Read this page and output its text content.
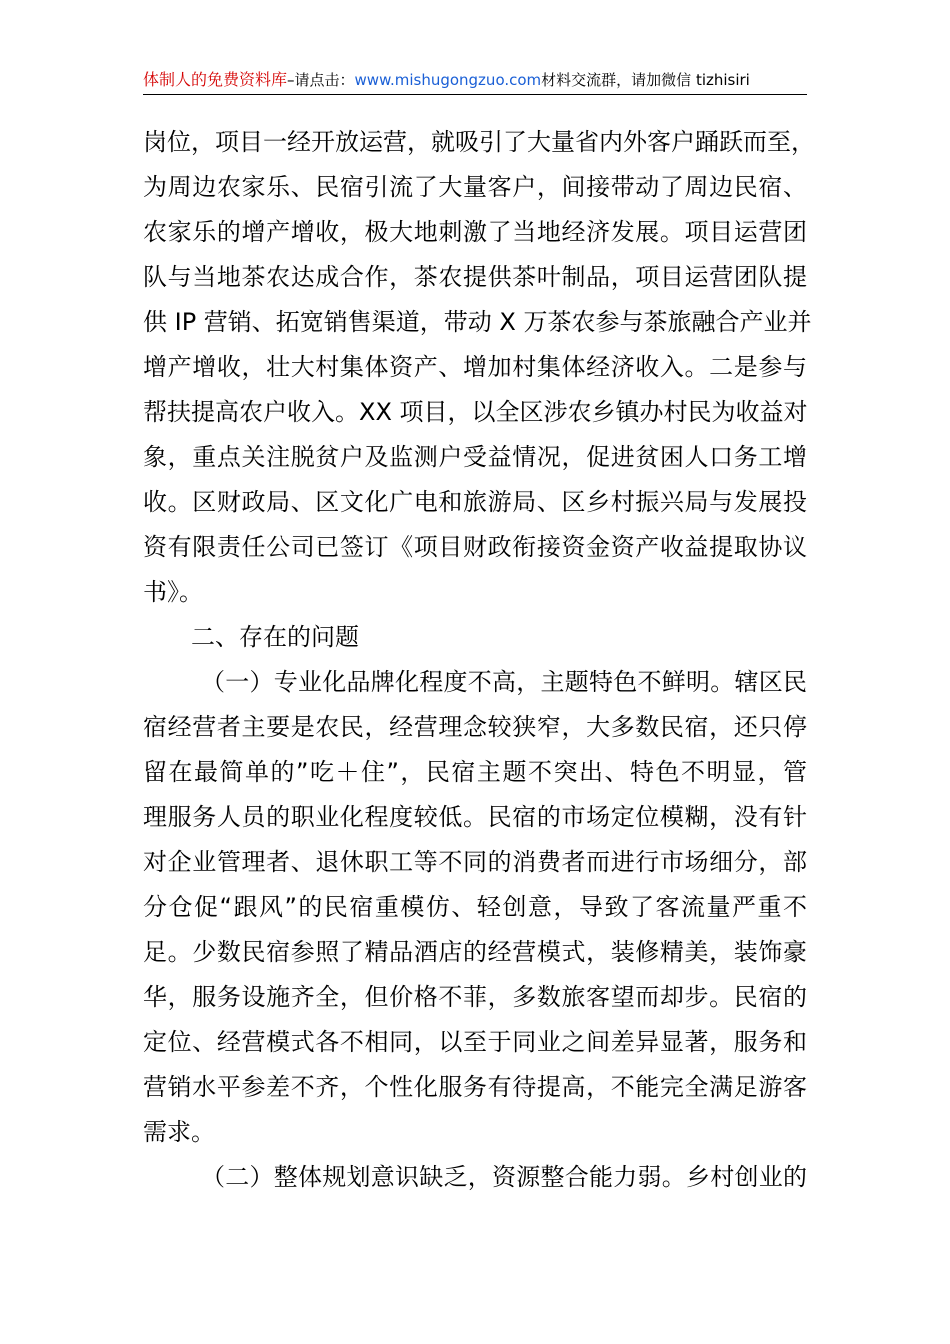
体制人的免费资料库–请点击：www.mishugongzuo.com材料交流群，请加微信 tizhisiri
岗位，项目一经开放运营，就吸引了大量省内外客户踊跃而至，
为周边农家乐、民宿引流了大量客户，间接带动了周边民宿、
农家乐的增产增收，极大地刺激了当地经济发展。项目运营团
队与当地茶农达成合作，茶农提供茶叶制品，项目运营团队提
供 IP 营销、拓宽销售渠道，带动 X 万茶农参与茶旅融合产业并
增产增收，壮大村集体资产、增加村集体经济收入。二是参与
帮扶提高农户收入。XX 项目，以全区涉农乡镇办村民为收益对
象，重点关注脱贫户及监测户受益情况，促进贫困人口务工增
收。区财政局、区文化广电和旅游局、区乡村振兴局与发展投
资有限责任公司已签订《项目财政衔接资金资产收益提取协议
书》。
二、存在的问题
（一）专业化品牌化程度不高，主题特色不鲜明。辖区民
宿经营者主要是农民，经营理念较狭窄，大多数民宿，还只停
留在最简单的”吃＋住”，民宿主题不突出、特色不明显，管
理服务人员的职业化程度较低。民宿的市场定位模糊，没有针
对企业管理者、退休职工等不同的消费者而进行市场细分，部
分仓促“跟风”的民宿重模仿、轻创意，导致了客流量严重不
足。少数民宿参照了精品酒店的经营模式，装修精美，装饰豪
华，服务设施齐全，但价格不菲，多数旅客望而却步。民宿的
定位、经营模式各不相同，以至于同业之间差异显著，服务和
营销水平参差不齐，个性化服务有待提高，不能完全满足游客
需求。
（二）整体规划意识缺乏，资源整合能力弱。乡村创业的
